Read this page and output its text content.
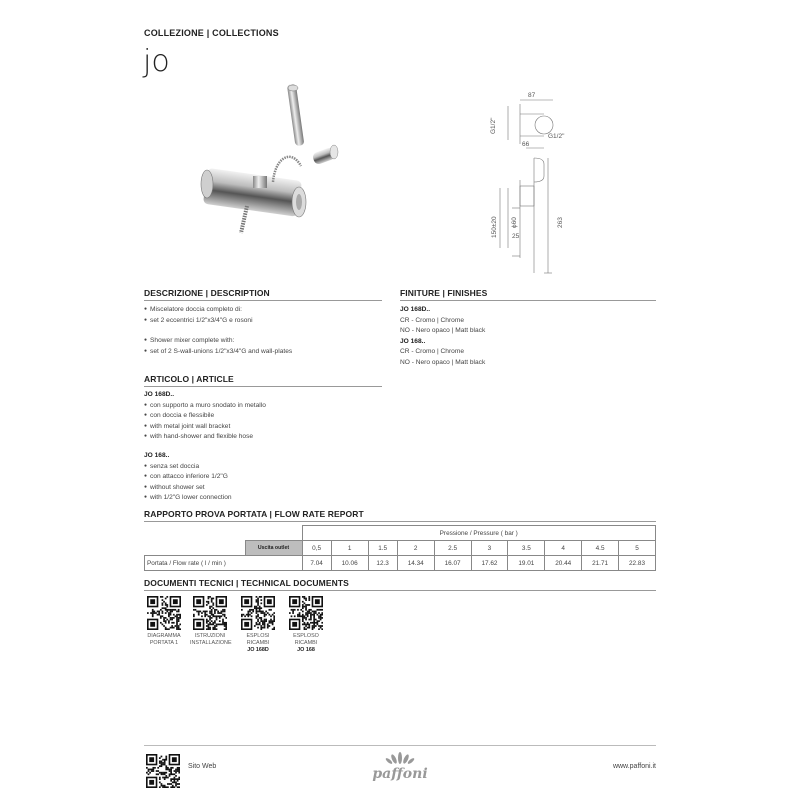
COLLEZIONE | COLLECTIONS
jo
87
G1/2"
G1/2"
66
ϕ60
150±20 25
263
DESCRIZIONE | DESCRIPTION
● Miscelatore doccia completo di:
● set 2 eccentrici 1/2"x3/4"G e rosoni
● Shower mixer complete with:
● set of 2 S-wall-unions 1/2"x3/4"G and wall-plates
FINITURE | FINISHES
JO 168D..
CR - Cromo | Chrome
NO - Nero opaco | Matt black
JO 168..
CR - Cromo | Chrome
NO - Nero opaco | Matt black
ARTICOLO | ARTICLE
JO 168D..
● con supporto a muro snodato in metallo
● con doccia e flessibile
● with metal joint wall bracket
● with hand-shower and flexible hose
JO 168..
● senza set doccia
● con attacco inferiore 1/2"G
● without shower set
● with 1/2"G lower connection
RAPPORTO PROVA PORTATA | FLOW RATE REPORT
		Pressione / Pressure ( bar )									
	Uscita outlet	0,5	1	1.5	2	2.5	3	3.5	4	4.5	5
Portata / Flow rate ( l / min )		7.04	10.06	12.3	14.34	16.07	17.62	19.01	20.44	21.71	22.83
DOCUMENTI TECNICI | TECHNICAL DOCUMENTS
DIAGRAMMA
PORTATA 1
ISTRUZIONI
INSTALLAZIONE
ESPLOSI
RICAMBI
JO 168D
ESPLOSO
RICAMBI
JO 168
Sito Web	paffoni	www.paffoni.it
